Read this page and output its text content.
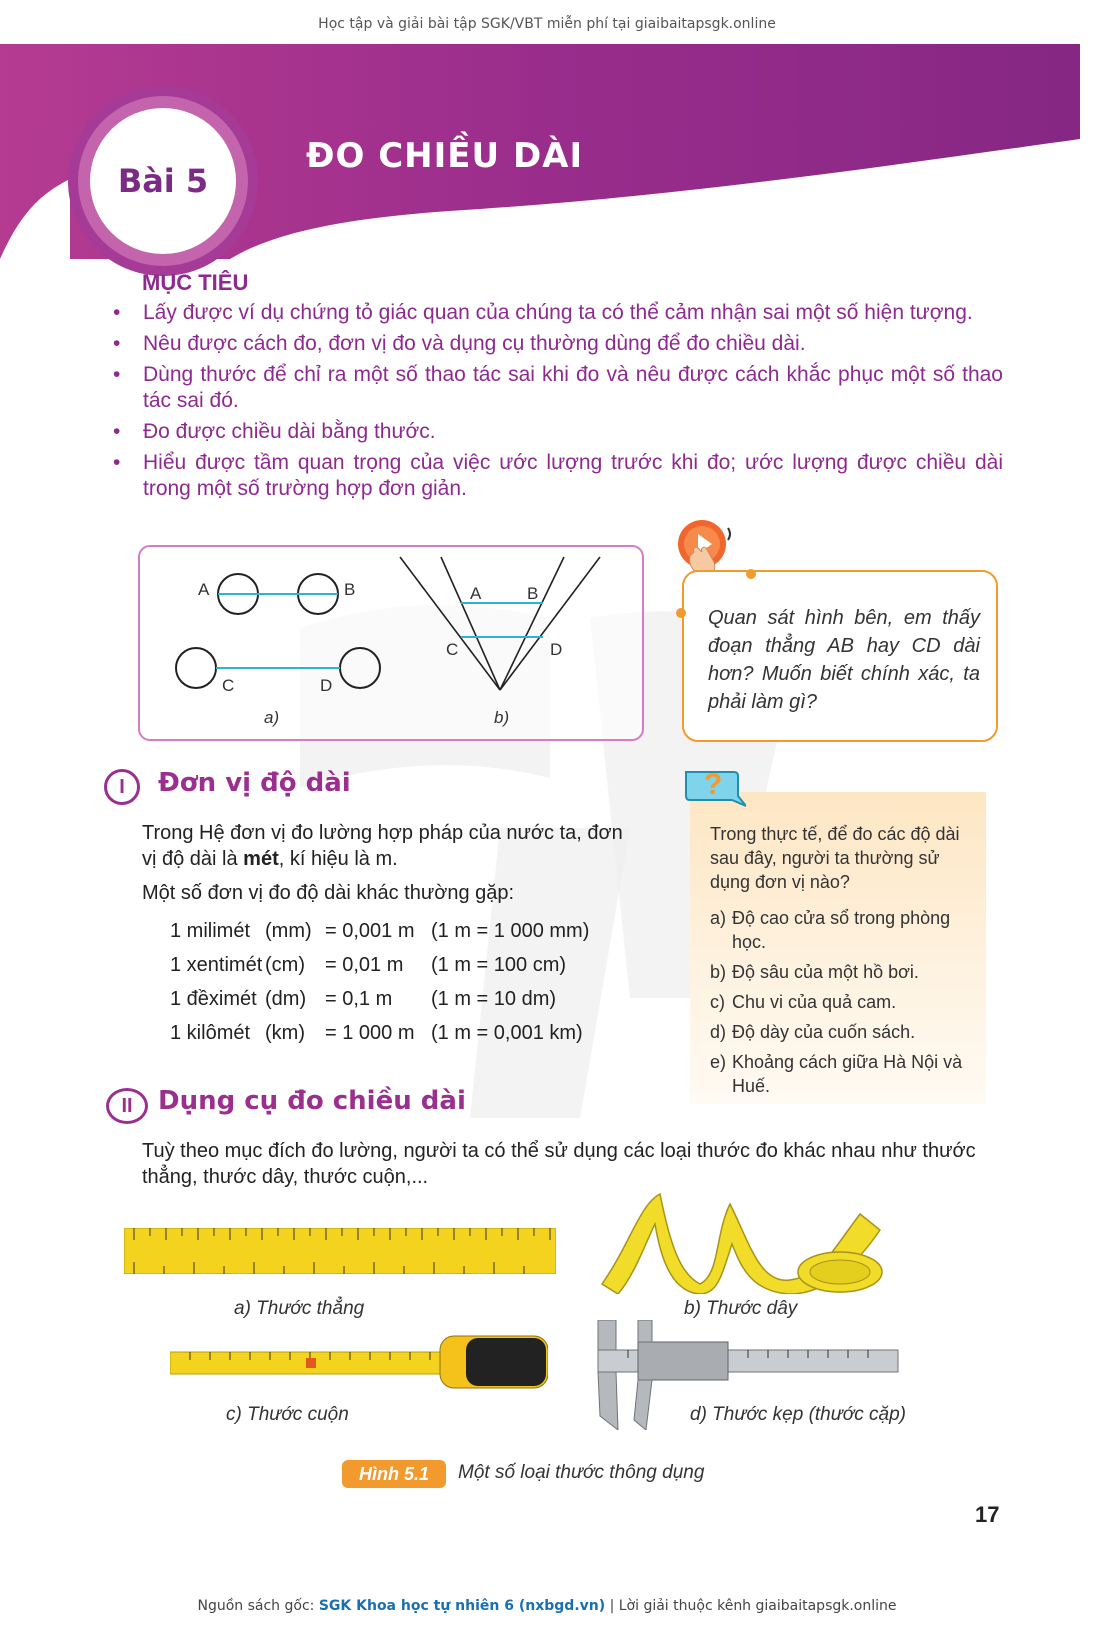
Học tập và giải bài tập SGK/VBT miễn phí tại giaibaitapsgk.online
Bài 5
ĐO CHIỀU DÀI
MỤC TIÊU
• Lấy được ví dụ chứng tỏ giác quan của chúng ta có thể cảm nhận sai một số hiện tượng.
• Nêu được cách đo, đơn vị đo và dụng cụ thường dùng để đo chiều dài.
• Dùng thước để chỉ ra một số thao tác sai khi đo và nêu được cách khắc phục một số thao tác sai đó.
• Đo được chiều dài bằng thước.
• Hiểu được tầm quan trọng của việc ước lượng trước khi đo; ước lượng được chiều dài trong một số trường hợp đơn giản.
A	B
C	D
A	B
C	D
a)	b)
Quan sát hình bên, em thấy đoạn thẳng AB hay CD dài hơn? Muốn biết chính xác, ta phải làm gì?
I Đơn vị độ dài
Trong Hệ đơn vị đo lường hợp pháp của nước ta, đơn vị độ dài là mét, kí hiệu là m.
Một số đơn vị đo độ dài khác thường gặp:
1 milimét (mm) = 0,001 m (1 m = 1 000 mm)
1 xentimét (cm) = 0,01 m (1 m = 100 cm)
1 đềximét (dm) = 0,1 m (1 m = 10 dm)
1 kilômét (km) = 1 000 m (1 m = 0,001 km)
?
Trong thực tế, để đo các độ dài sau đây, người ta thường sử dụng đơn vị nào?
a) Độ cao cửa sổ trong phòng học.
b) Độ sâu của một hồ bơi.
c) Chu vi của quả cam.
d) Độ dày của cuốn sách.
e) Khoảng cách giữa Hà Nội và Huế.
II Dụng cụ đo chiều dài
Tuỳ theo mục đích đo lường, người ta có thể sử dụng các loại thước đo khác nhau như thước thẳng, thước dây, thước cuộn,...
a) Thước thẳng	b) Thước dây
c) Thước cuộn	d) Thước kẹp (thước cặp)
Hình 5.1	Một số loại thước thông dụng
17
Nguồn sách gốc: SGK Khoa học tự nhiên 6 (nxbgd.vn) | Lời giải thuộc kênh giaibaitapsgk.online
